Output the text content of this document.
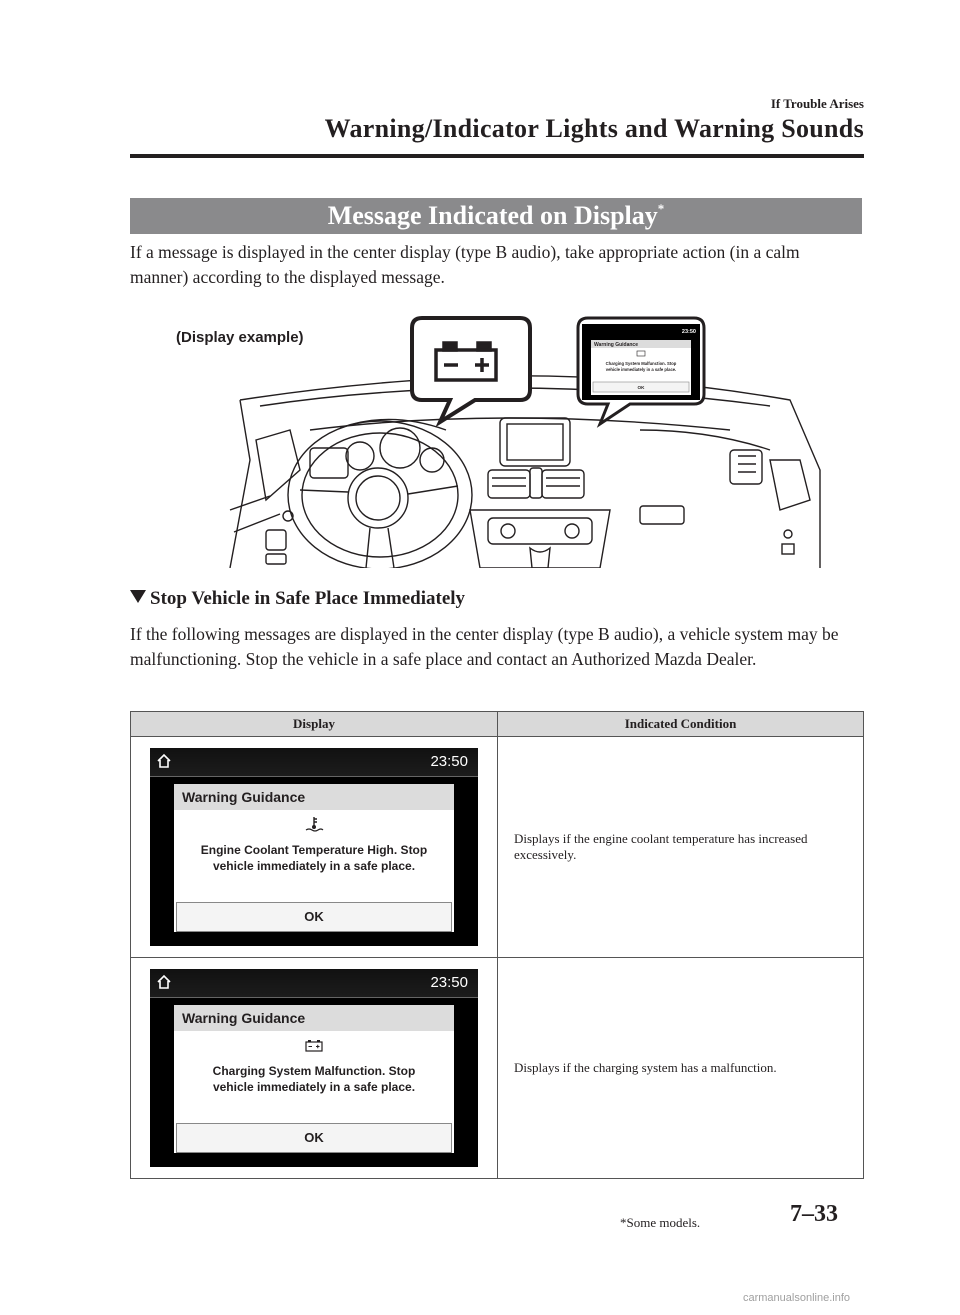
If Trouble Arises
Warning/Indicator Lights and Warning Sounds
Message Indicated on Display*
If a message is displayed in the center display (type B audio), take appropriate action (in a calm manner) according to the displayed message.
(Display example)	23:50
Warning Guidance
Charging System Malfunction. Stop
vehicle immediately in a safe place.
OK
Stop Vehicle in Safe Place Immediately
If the following messages are displayed in the center display (type B audio), a vehicle system may be malfunctioning. Stop the vehicle in a safe place and contact an Authorized Mazda Dealer.
Display	Indicated Condition

23:50
Warning Guidance
Engine Coolant Temperature High. Stop
vehicle immediately in a safe place.
OK	Displays if the engine coolant temperature has increased excessively.

23:50
Warning Guidance
Charging System Malfunction. Stop
vehicle immediately in a safe place.
OK	Displays if the charging system has a malfunction.
*Some models.	7–33
carmanualsonline.info
